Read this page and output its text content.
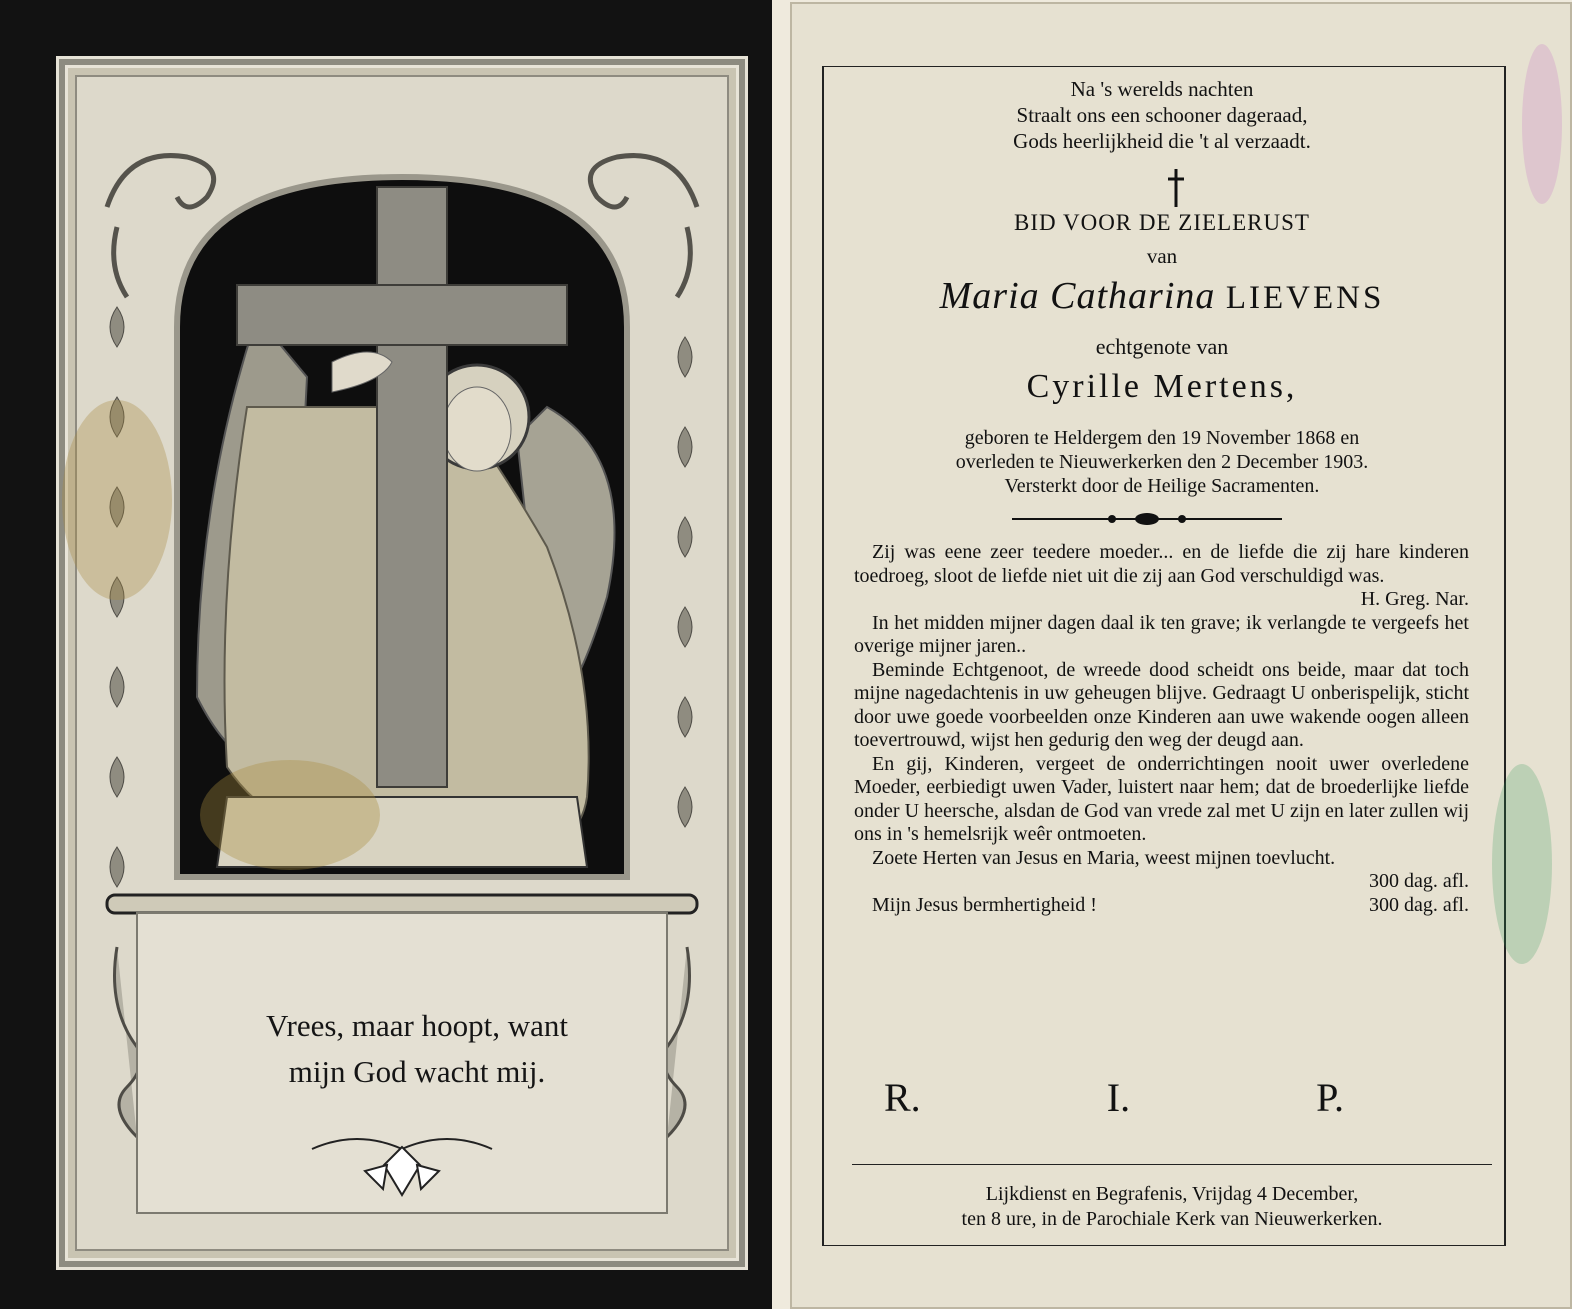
Vrees, maar hoopt, want
mijn God wacht mij.
Na 's werelds nachten
Straalt ons een schooner dageraad,
Gods heerlijkheid die 't al verzaadt.
BID VOOR DE ZIELERUST
van
Maria Catharina LIEVENS
echtgenote van
Cyrille Mertens,
geboren te Heldergem den 19 November 1868 en
overleden te Nieuwerkerken den 2 December 1903.
Versterkt door de Heilige Sacramenten.

Zij was eene zeer teedere moeder... en de liefde die zij hare kinderen toedroeg, sloot de liefde niet uit die zij aan God verschuldigd was.

H. Greg. Nar.

In het midden mijner dagen daal ik ten grave; ik verlangde te vergeefs het overige mijner jaren..

Beminde Echtgenoot, de wreede dood scheidt ons beide, maar dat toch mijne nagedachtenis in uw geheugen blijve. Gedraagt U onberispelijk, sticht door uwe goede voorbeelden onze Kinderen aan uwe wakende oogen alleen toevertrouwd, wijst hen gedurig den weg der deugd aan.

En gij, Kinderen, vergeet de onderrichtingen nooit uwer overledene Moeder, eerbiedigt uwen Vader, luistert naar hem; dat de broederlijke liefde onder U heersche, alsdan de God van vrede zal met U zijn en later zullen wij ons in 's hemelsrijk weêr ontmoeten.

Zoete Herten van Jesus en Maria, weest mijnen toevlucht.

300 dag. afl.
Mijn Jesus bermhertigheid !	300 dag. afl.
R.	I.	P.
Lijkdienst en Begrafenis, Vrijdag 4 December,
ten 8 ure, in de Parochiale Kerk van Nieuwerkerken.
